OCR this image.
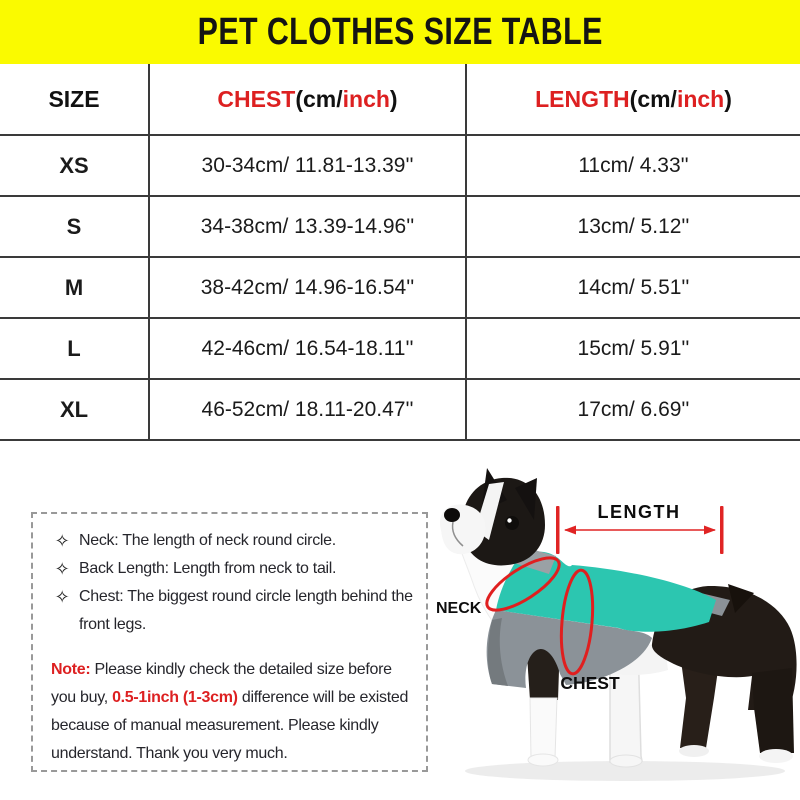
PET CLOTHES SIZE TABLE
SIZE	CHEST (cm/ inch )	LENGTH (cm/ inch )
XS	30-34cm/ 11.81-13.39''	11cm/ 4.33''
S	34-38cm/ 13.39-14.96''	13cm/ 5.12''
M	38-42cm/ 14.96-16.54''	14cm/ 5.51''
L	42-46cm/ 16.54-18.11''	15cm/ 5.91''
XL	46-52cm/ 18.11-20.47''	17cm/ 6.69''
✧ Neck: The length of neck round circle.
✧ Back Length: Length from neck to tail.
✧ Chest: The biggest round circle length behind the front legs.
Note: Please kindly check the detailed size before you buy, 0.5-1inch (1-3cm) difference will be existed because of manual measurement. Please kindly understand. Thank you very much.
LENGTH
NECK
CHEST
